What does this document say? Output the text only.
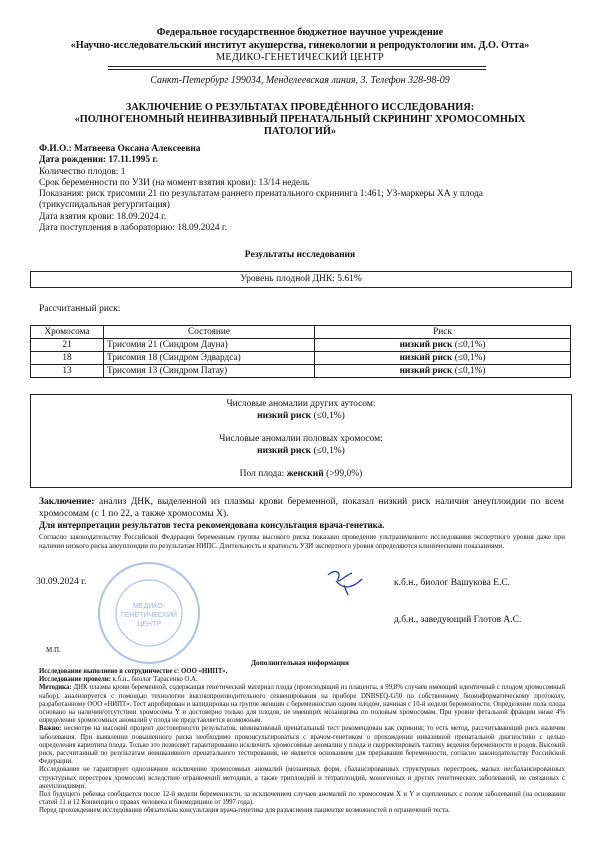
Федеральное государственное бюджетное научное учреждение
«Научно-исследовательский институт акушерства, гинекологии и репродуктологии им. Д.О. Отта»
МЕДИКО-ГЕНЕТИЧЕСКИЙ ЦЕНТР
Санкт-Петербург 199034, Менделеевская линия, 3. Телефон 328-98-09
ЗАКЛЮЧЕНИЕ О РЕЗУЛЬТАТАХ ПРОВЕДЁННОГО ИССЛЕДОВАНИЯ:
«ПОЛНОГЕНОМНЫЙ НЕИНВАЗИВНЫЙ ПРЕНАТАЛЬНЫЙ СКРИНИНГ ХРОМОСОМНЫХ
ПАТОЛОГИЙ»
Ф.И.О.: Матвеева Оксана Алексеевна
Дата рождения: 17.11.1995 г.
Количество плодов: 1
Срок беременности по УЗИ (на момент взятия крови): 13/14 недель
Показания: риск трисомии 21 по результатам раннего пренатального скрининга 1:461; УЗ-маркеры ХА у плода
(трикуспидальная регургитация)
Дата взятия крови: 18.09.2024 г.
Дата поступления в лабораторию: 18.09.2024 г.
Результаты исследования
Уровень плодной ДНК: 5.61%
Рассчитанный риск:
Хромосома	Состояние	Риск
21	Трисомия 21 (Синдром Дауна)	низкий риск (≤0,1%)
18	Трисомия 18 (Синдром Эдвардса)	низкий риск (≤0,1%)
13	Трисомия 13 (Синдром Патау)	низкий риск (≤0,1%)
Числовые аномалии других аутосом:
низкий риск (≤0,1%)
Числовые аномалии половых хромосом:
низкий риск (≤0,1%)
Пол плода: женский (>99,0%)
Заключение: анализ ДНК, выделенной из плазмы крови беременной, показал низкий риск наличия анеуплоидии по всем хромосомам (с 1 по 22, а также хромосомы Х).
Для интерпретации результатов теста рекомендована консультация врача-генетика.
Согласно законодательству Российской Федерации беременным группы высокого риска показано проведение ультразвукового исследования экспертного уровня даже при наличии низкого риска анеуплоидии по результатам НИПС. Длительность и кратность УЗИ экспертного уровня определяются клиническими показаниями.
МЕДИКО-
ГЕНЕТИЧЕСКИЙ
ЦЕНТР
30.09.2024 г.	к.б.н., биолог Вашукова Е.С.
д.б.н., заведующий Глотов А.С.
М.П.
Дополнительная информация

Исследование выполнено в сотрудничестве с: ООО «НИПТ».

Исследование провели: к.б.н., биолог Тарасенко О.А.

Методика: ДНК плазмы крови беременной, содержащая генетический материал плода (происходящий из плаценты, в 99,8% случаев имеющий идентичный с плодом хромосомный набор), анализируется с помощью технологии высокопроизводительного секвенирования на приборе DNBSEQ-G50 по собственному биоинформатическому протоколу, разработанному ООО «НИПТ». Тест апробирован и валидирован на группе женщин с беременностью одним плодом, начиная с 10-й недели беременности. Определение пола плода основано на наличии/отсутствии хромосомы Y и достоверно только для плодов, не имеющих мозаицизма по половым хромосомам. При уровне фетальной фракции ниже 4% определение хромосомных аномалий у плода не представляется возможным.

Важно: несмотря на высокий процент достоверности результатов, неинвазивный пренатальный тест рекомендован как скрининг, то есть метод, рассчитывающий риск наличия заболевания. При выявлении повышенного риска необходимо проконсультироваться с врачом-генетиком о прохождении инвазивной пренатальной диагностики с целью определения кариотипа плода. Только это позволяет гарантированно исключить хромосомные аномалии у плода и скорректировать тактику ведения беременности и родов. Высокий риск, рассчитанный по результатам неинвазивного пренатального тестирования, не является основанием для прерывания беременности, согласно законодательству Российской Федерации.

Исследование не гарантирует однозначное исключение хромосомных аномалий (мозаичных форм, сбалансированных структурных перестроек, малых несбалансированных структурных перестроек хромосом) вследствие ограничений методики, а также триплоидий и тетраплоидий, моногенных и других генетических заболеваний, не связанных с анеуплоидиями.

Пол будущего ребенка сообщается после 12-й недели беременности, за исключением случаев аномалий по хромосомам X и Y и сцепленных с полом заболеваний (на основании статей 11 и 12 Конвенции о правах человека и биомедицине от 1997 года).

Перед прохождением исследования обязательна консультация врача-генетика для разъяснения пациентке возможностей и ограничений теста.
